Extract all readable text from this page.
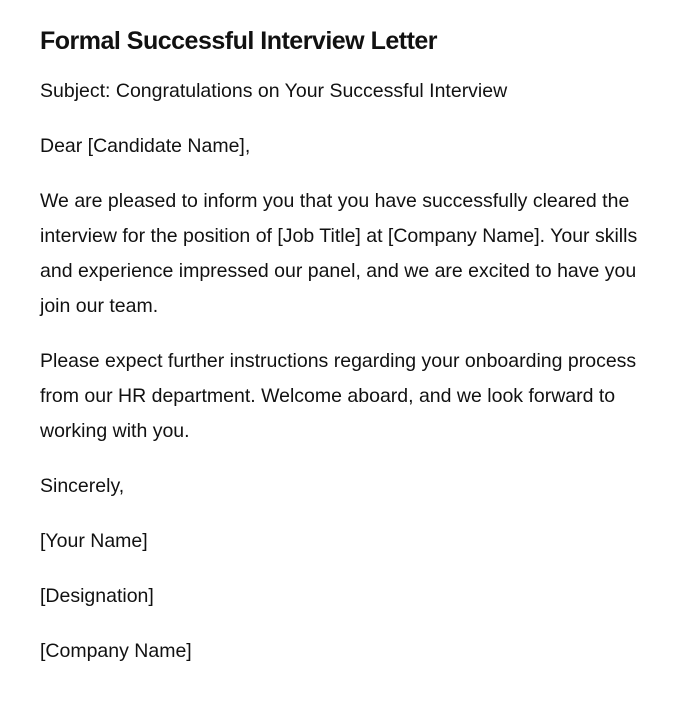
Formal Successful Interview Letter

Subject: Congratulations on Your Successful Interview

Dear [Candidate Name],

We are pleased to inform you that you have successfully cleared the interview for the position of [Job Title] at [Company Name]. Your skills and experience impressed our panel, and we are excited to have you join our team.

Please expect further instructions regarding your onboarding process from our HR department. Welcome aboard, and we look forward to working with you.

Sincerely,

[Your Name]

[Designation]

[Company Name]
